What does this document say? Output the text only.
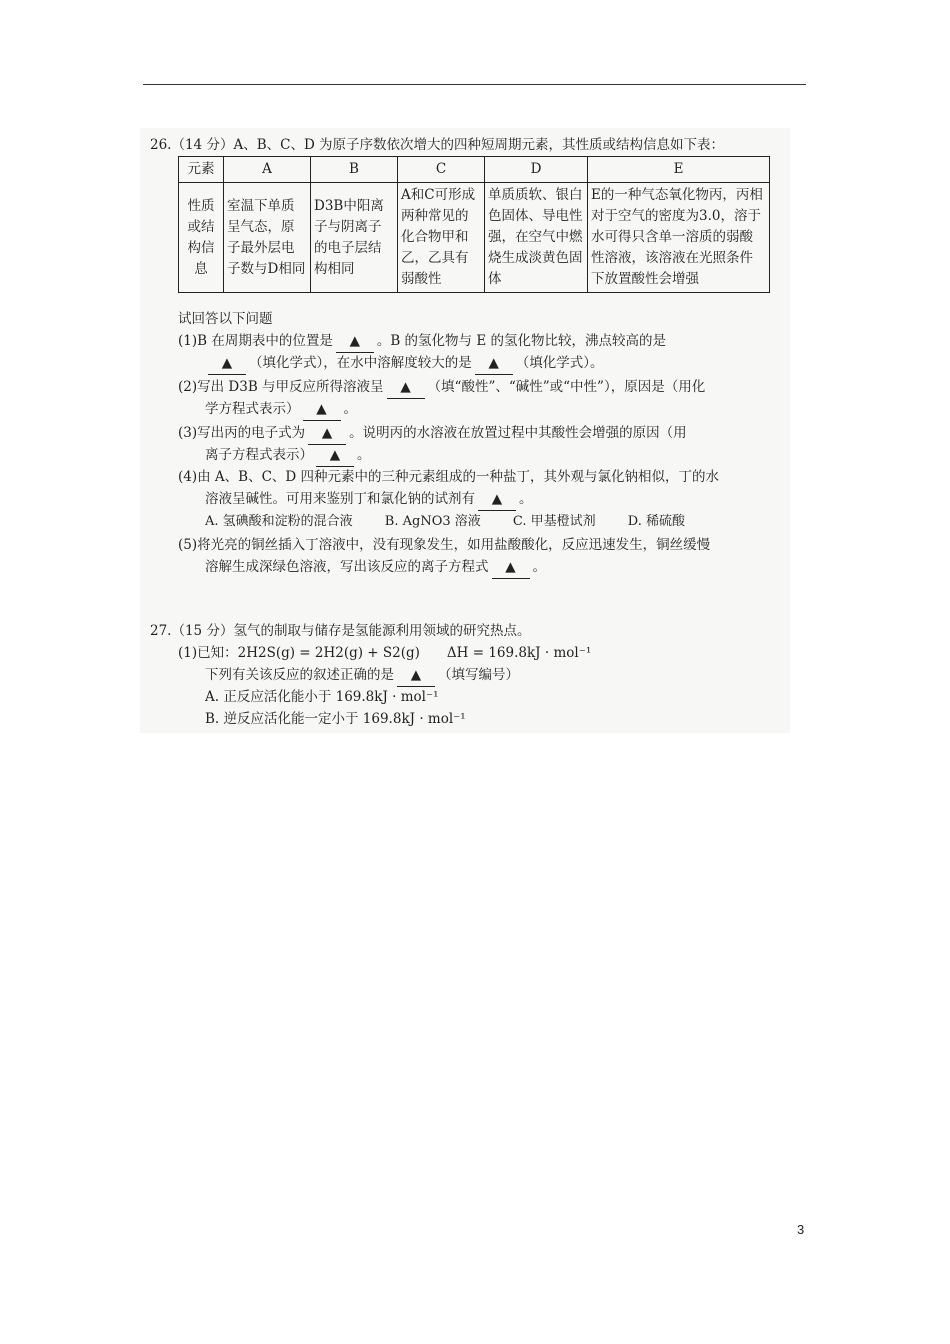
26.（14 分）A、B、C、D 为原子序数依次增大的四种短周期元素，其性质或结构信息如下表：
元素	A	B	C	D	E
性质或结构信息	室温下单质呈气态，原子最外层电子数与D相同	D3B中阳离子与阴离子的电子层结构相同	A和C可形成两种常见的化合物甲和乙，乙具有弱酸性	单质质软、银白色固体、导电性强，在空气中燃烧生成淡黄色固体	E的一种气态氧化物丙，丙相对于空气的密度为3.0，溶于水可得只含单一溶质的弱酸性溶液，该溶液在光照条件下放置酸性会增强
试回答以下问题
(1)B 在周期表中的位置是 ▲ 。B 的氢化物与 E 的氢化物比较，沸点较高的是
▲ （填化学式），在水中溶解度较大的是 ▲ （填化学式）。
(2)写出 D3B 与甲反应所得溶液呈 ▲ （填“酸性”、“碱性”或“中性”），原因是（用化
学方程式表示） ▲ 。
(3)写出丙的电子式为 ▲ 。说明丙的水溶液在放置过程中其酸性会增强的原因（用
离子方程式表示） ▲ 。
(4)由 A、B、C、D 四种元素中的三种元素组成的一种盐丁，其外观与氯化钠相似，丁的水
溶液呈碱性。可用来鉴别丁和氯化钠的试剂有 ▲ 。
A. 氢碘酸和淀粉的混合液 B. AgNO3 溶液 C. 甲基橙试剂 D. 稀硫酸
(5)将光亮的铜丝插入丁溶液中，没有现象发生，如用盐酸酸化，反应迅速发生，铜丝缓慢
溶解生成深绿色溶液，写出该反应的离子方程式 ▲ 。
27.（15 分）氢气的制取与储存是氢能源利用领域的研究热点。
(1)已知：2H2S(g) = 2H2(g) + S2(g)　　ΔH = 169.8kJ · mol⁻¹
下列有关该反应的叙述正确的是 ▲ （填写编号）
A. 正反应活化能小于 169.8kJ · mol⁻¹
B. 逆反应活化能一定小于 169.8kJ · mol⁻¹
3
